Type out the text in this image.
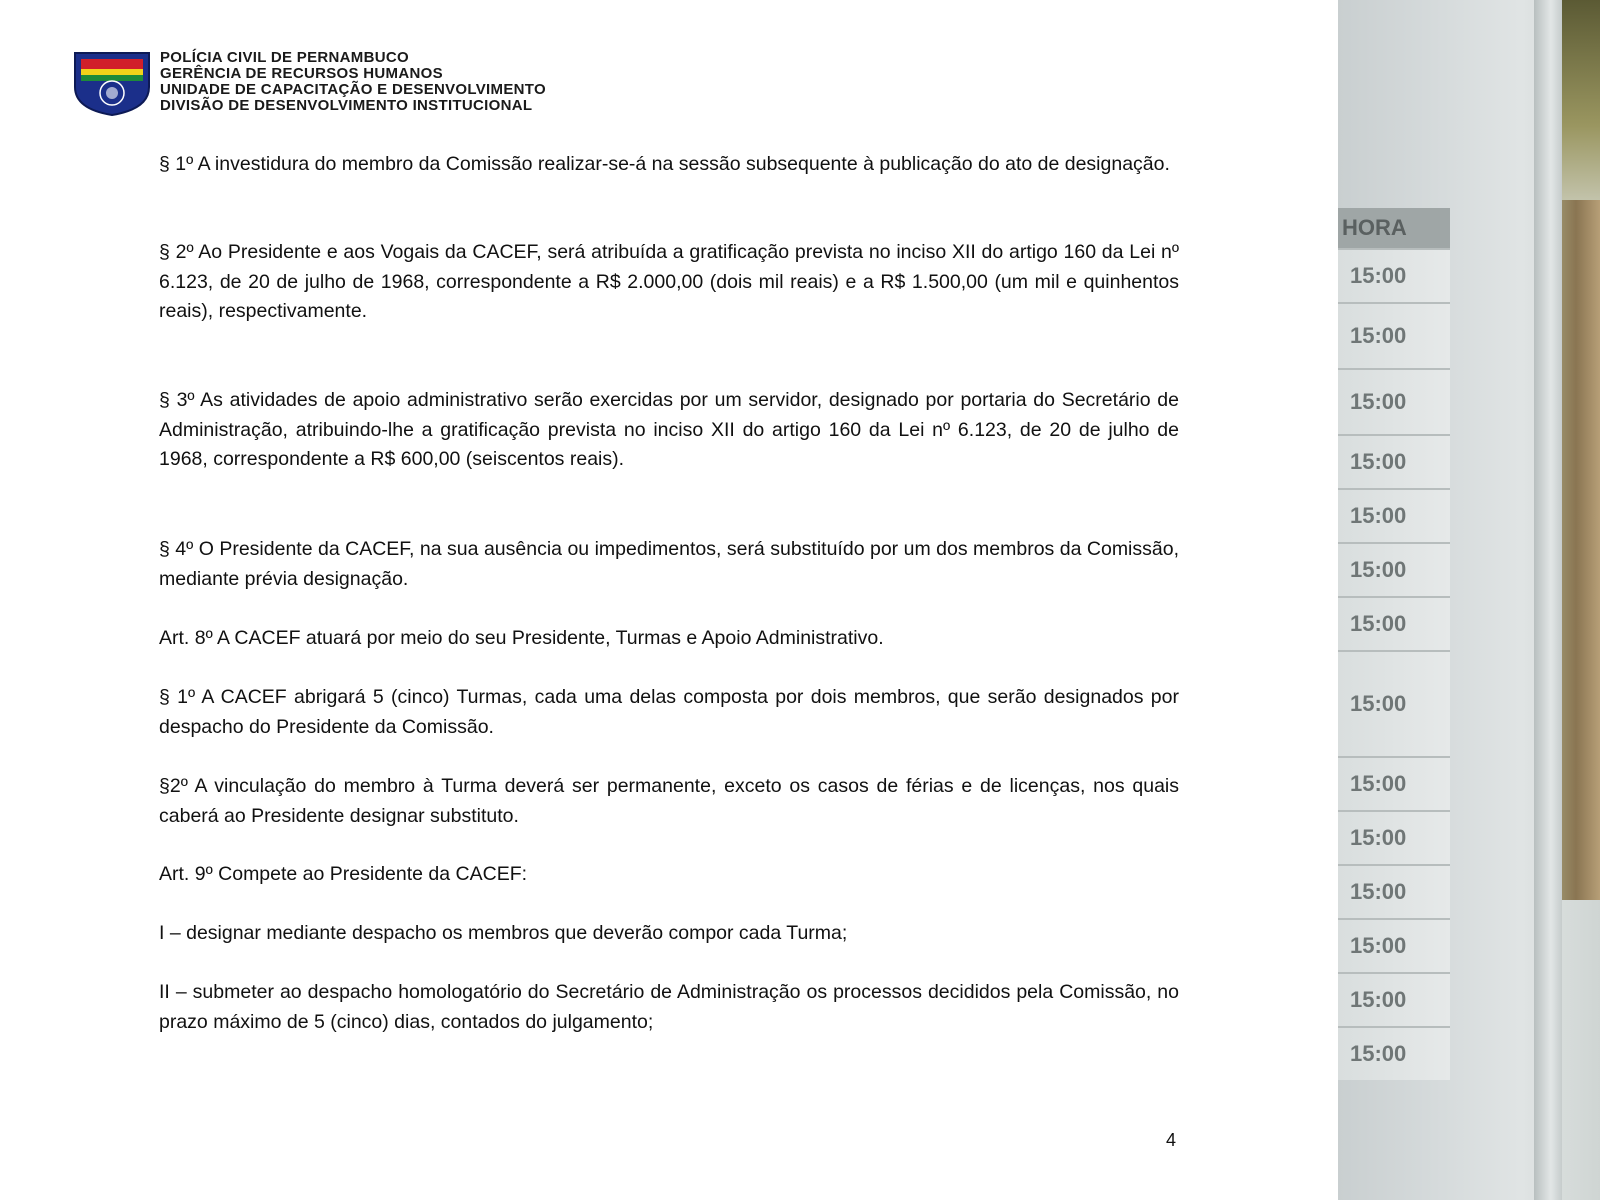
POLÍCIA CIVIL DE PERNAMBUCO
GERÊNCIA DE RECURSOS HUMANOS
UNIDADE DE CAPACITAÇÃO E DESENVOLVIMENTO
DIVISÃO DE DESENVOLVIMENTO INSTITUCIONAL
§ 1º A investidura do membro da Comissão realizar-se-á na sessão subsequente à publicação do ato de designação.
§ 2º Ao Presidente e aos Vogais da CACEF, será atribuída a gratificação prevista no inciso XII do artigo 160 da Lei nº 6.123, de 20 de julho de 1968, correspondente a R$ 2.000,00 (dois mil reais) e a R$ 1.500,00 (um mil e quinhentos reais), respectivamente.
§ 3º As atividades de apoio administrativo serão exercidas por um servidor, designado por portaria do Secretário de Administração, atribuindo-lhe a gratificação prevista no inciso XII do artigo 160 da Lei nº 6.123, de 20 de julho de 1968, correspondente a R$ 600,00 (seiscentos reais).
§ 4º O Presidente da CACEF, na sua ausência ou impedimentos, será substituído por um dos membros da Comissão, mediante prévia designação.
Art. 8º A CACEF atuará por meio do seu Presidente, Turmas e Apoio Administrativo.
§ 1º A CACEF abrigará 5 (cinco) Turmas, cada uma delas composta por dois membros, que serão designados por despacho do Presidente da Comissão.
§2º A vinculação do membro à Turma deverá ser permanente, exceto os casos de férias e de licenças, nos quais caberá ao Presidente designar substituto.
Art. 9º Compete ao Presidente da CACEF:
I – designar mediante despacho os membros que deverão compor cada Turma;
II – submeter ao despacho homologatório do Secretário de Administração os processos decididos pela Comissão, no prazo máximo de 5 (cinco) dias, contados do julgamento;
4
HORA
15:00
15:00
15:00
15:00
15:00
15:00
15:00
15:00
15:00
15:00
15:00
15:00
15:00
15:00
